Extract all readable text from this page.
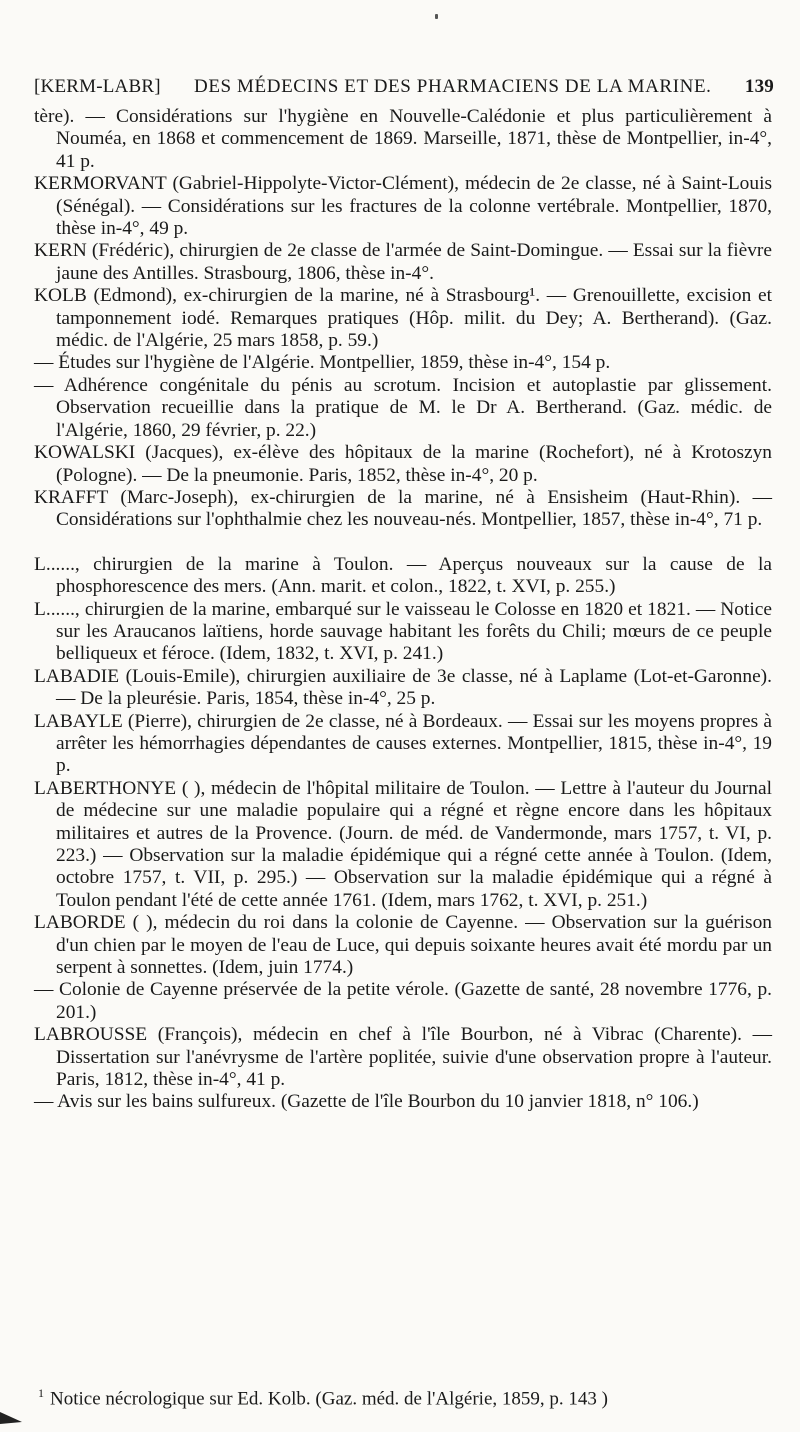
[KERM-LABR] DES MÉDECINS ET DES PHARMACIENS DE LA MARINE. 139

tère). — Considérations sur l'hygiène en Nouvelle-Calédonie et plus particulièrement à Nouméa, en 1868 et commencement de 1869. Marseille, 1871, thèse de Montpellier, in-4°, 41 p.

KERMORVANT (Gabriel-Hippolyte-Victor-Clément), médecin de 2e classe, né à Saint-Louis (Sénégal). — Considérations sur les fractures de la colonne vertébrale. Montpellier, 1870, thèse in-4°, 49 p.

KERN (Frédéric), chirurgien de 2e classe de l'armée de Saint-Domingue. — Essai sur la fièvre jaune des Antilles. Strasbourg, 1806, thèse in-4°.

KOLB (Edmond), ex-chirurgien de la marine, né à Strasbourg¹. — Grenouillette, excision et tamponnement iodé. Remarques pratiques (Hôp. milit. du Dey; A. Bertherand). (Gaz. médic. de l'Algérie, 25 mars 1858, p. 59.)

— Études sur l'hygiène de l'Algérie. Montpellier, 1859, thèse in-4°, 154 p.

— Adhérence congénitale du pénis au scrotum. Incision et autoplastie par glissement. Observation recueillie dans la pratique de M. le Dr A. Bertherand. (Gaz. médic. de l'Algérie, 1860, 29 février, p. 22.)

KOWALSKI (Jacques), ex-élève des hôpitaux de la marine (Rochefort), né à Krotoszyn (Pologne). — De la pneumonie. Paris, 1852, thèse in-4°, 20 p.

KRAFFT (Marc-Joseph), ex-chirurgien de la marine, né à Ensisheim (Haut-Rhin). — Considérations sur l'ophthalmie chez les nouveau-nés. Montpellier, 1857, thèse in-4°, 71 p.

L......, chirurgien de la marine à Toulon. — Aperçus nouveaux sur la cause de la phosphorescence des mers. (Ann. marit. et colon., 1822, t. XVI, p. 255.)

L......, chirurgien de la marine, embarqué sur le vaisseau le Colosse en 1820 et 1821. — Notice sur les Araucanos laïtiens, horde sauvage habitant les forêts du Chili; mœurs de ce peuple belliqueux et féroce. (Idem, 1832, t. XVI, p. 241.)

LABADIE (Louis-Emile), chirurgien auxiliaire de 3e classe, né à Laplame (Lot-et-Garonne). — De la pleurésie. Paris, 1854, thèse in-4°, 25 p.

LABAYLE (Pierre), chirurgien de 2e classe, né à Bordeaux. — Essai sur les moyens propres à arrêter les hémorrhagies dépendantes de causes externes. Montpellier, 1815, thèse in-4°, 19 p.

LABERTHONYE ( ), médecin de l'hôpital militaire de Toulon. — Lettre à l'auteur du Journal de médecine sur une maladie populaire qui a régné et règne encore dans les hôpitaux militaires et autres de la Provence. (Journ. de méd. de Vandermonde, mars 1757, t. VI, p. 223.) — Observation sur la maladie épidémique qui a régné cette année à Toulon. (Idem, octobre 1757, t. VII, p. 295.) — Observation sur la maladie épidémique qui a régné à Toulon pendant l'été de cette année 1761. (Idem, mars 1762, t. XVI, p. 251.)

LABORDE ( ), médecin du roi dans la colonie de Cayenne. — Observation sur la guérison d'un chien par le moyen de l'eau de Luce, qui depuis soixante heures avait été mordu par un serpent à sonnettes. (Idem, juin 1774.)

— Colonie de Cayenne préservée de la petite vérole. (Gazette de santé, 28 novembre 1776, p. 201.)

LABROUSSE (François), médecin en chef à l'île Bourbon, né à Vibrac (Charente). — Dissertation sur l'anévrysme de l'artère poplitée, suivie d'une observation propre à l'auteur. Paris, 1812, thèse in-4°, 41 p.

— Avis sur les bains sulfureux. (Gazette de l'île Bourbon du 10 janvier 1818, n° 106.)

$^1$ Notice nécrologique sur Ed. Kolb. (Gaz. méd. de l'Algérie, 1859, p. 143 )
